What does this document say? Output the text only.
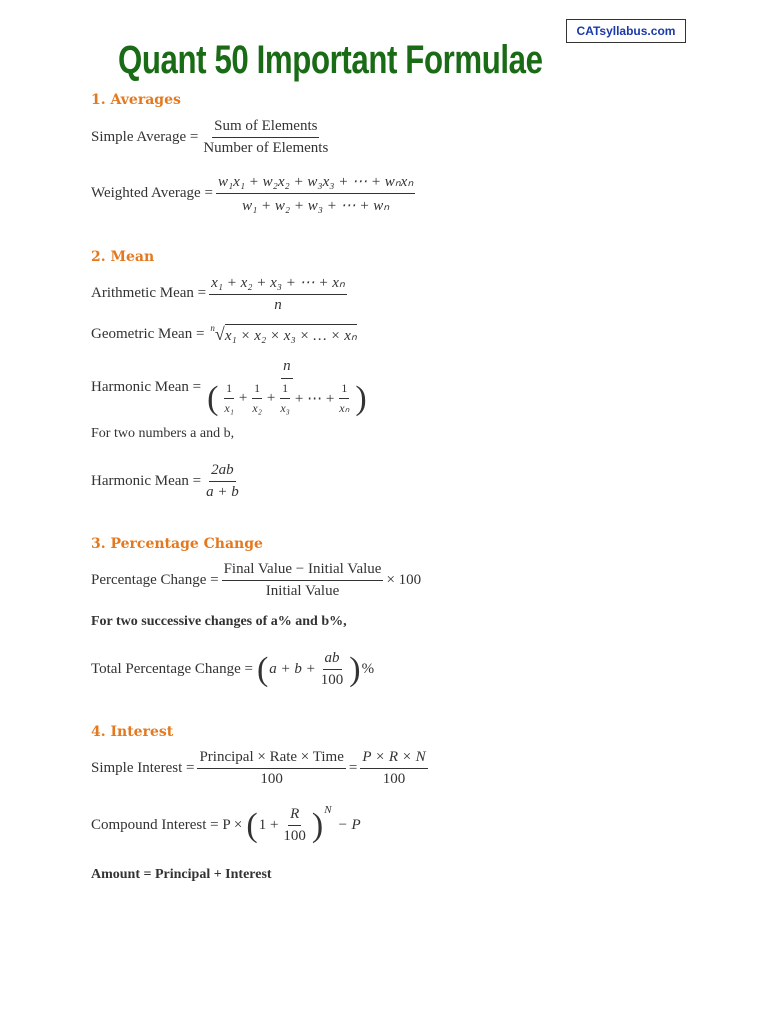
CATsyllabus.com
Quant 50 Important Formulae
1. Averages
Simple Average = $\frac{\text{Sum of Elements}}{\text{Number of Elements}}$
Weighted Average = $\frac{\text{w₁x₁ + w₂x₂ + w₃x₃ + ⋯ + wₙxₙ}}{\text{w₁ + w₂ + w₃ + ⋯ + wₙ}}$
2. Mean
Arithmetic Mean = $\frac{\text{x₁ + x₂ + x₃ + ⋯ + xₙ}}{n}$
Geometric Mean = n √ x₁ × x₂ × x₃ × … × xₙ
Harmonic Mean =
n
( $\frac{1}{\text{x₁}} + \frac{1}{\text{x₂}} + \frac{1}{\text{x₃}}$ + ⋯ + $\frac{1}{\text{xₙ}}$ )
For two numbers a and b,
Harmonic Mean = $\frac{2ab}{a + b}$
3. Percentage Change
Percentage Change = $\frac{\text{Final Value − Initial Value}}{\text{Initial Value}} \times 100$
For two successive changes of a% and b%,
Total Percentage Change = ( $a + b + \frac{ab}{100}$ ) %
4. Interest
Simple Interest = $\frac{\text{Principal × Rate × Time}}{100} = \frac{P \times R \times N}{100}$
Compound Interest = P × ( $1 + \frac{R}{100}$ ) N
− P
Amount = Principal + Interest
